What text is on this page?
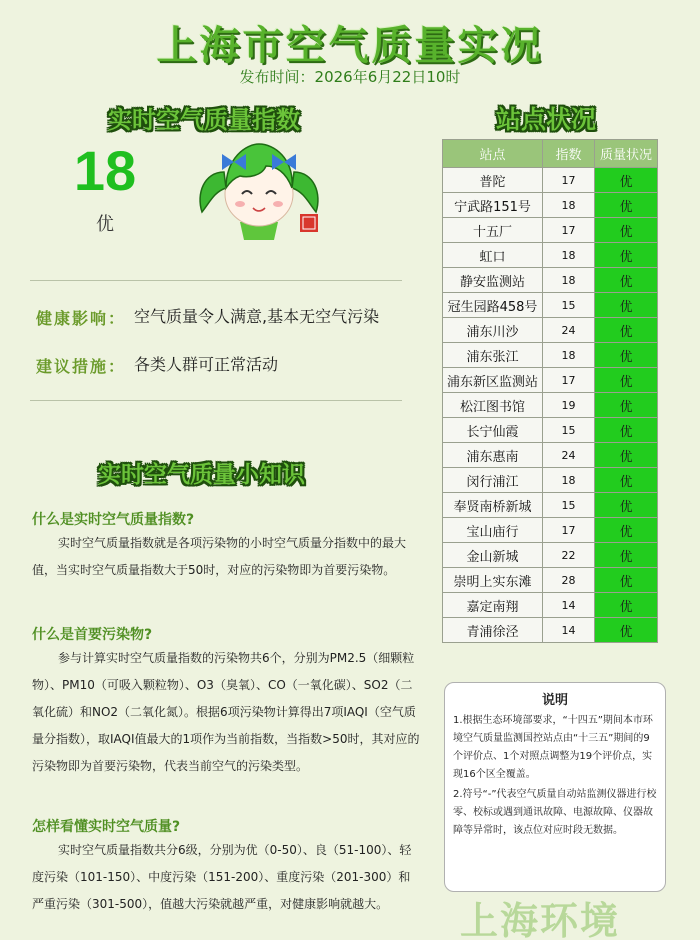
上海市空气质量实况
发布时间：2026年6月22日10时
实时空气质量指数	站点状况
18
优
健康影响： 空气质量令人满意,基本无空气污染
建议措施： 各类人群可正常活动
实时空气质量小知识
什么是实时空气质量指数?
实时空气质量指数就是各项污染物的小时空气质量分指数中的最大值，当实时空气质量指数大于50时，对应的污染物即为首要污染物。
什么是首要污染物?
参与计算实时空气质量指数的污染物共6个，分别为PM2.5（细颗粒物）、PM10（可吸入颗粒物）、O3（臭氧）、CO（一氧化碳）、SO2（二氧化硫）和NO2（二氧化氮）。根据6项污染物计算得出7项IAQI（空气质量分指数），取IAQI值最大的1项作为当前指数，当指数>50时，其对应的污染物即为首要污染物，代表当前空气的污染类型。
怎样看懂实时空气质量?
实时空气质量指数共分6级，分别为优（0-50）、良（51-100）、轻度污染（101-150）、中度污染（151-200）、重度污染（201-300）和严重污染（301-500），值越大污染就越严重，对健康影响就越大。
站点	指数	质量状况
普陀	17	优
宁武路151号	18	优
十五厂	17	优
虹口	18	优
静安监测站	18	优
冠生园路458号	15	优
浦东川沙	24	优
浦东张江	18	优
浦东新区监测站	17	优
松江图书馆	19	优
长宁仙霞	15	优
浦东惠南	24	优
闵行浦江	18	优
奉贤南桥新城	15	优
宝山庙行	17	优
金山新城	22	优
崇明上实东滩	28	优
嘉定南翔	14	优
青浦徐泾	14	优
说明
1.根据生态环境部要求，“十四五”期间本市环境空气质量监测国控站点由“十三五”期间的9个评价点、1个对照点调整为19个评价点，实现16个区全覆盖。
2.符号“-”代表空气质量自动站监测仪器进行校零、校标或遇到通讯故障、电源故障、仪器故障等异常时，该点位对应时段无数据。
上海环境
